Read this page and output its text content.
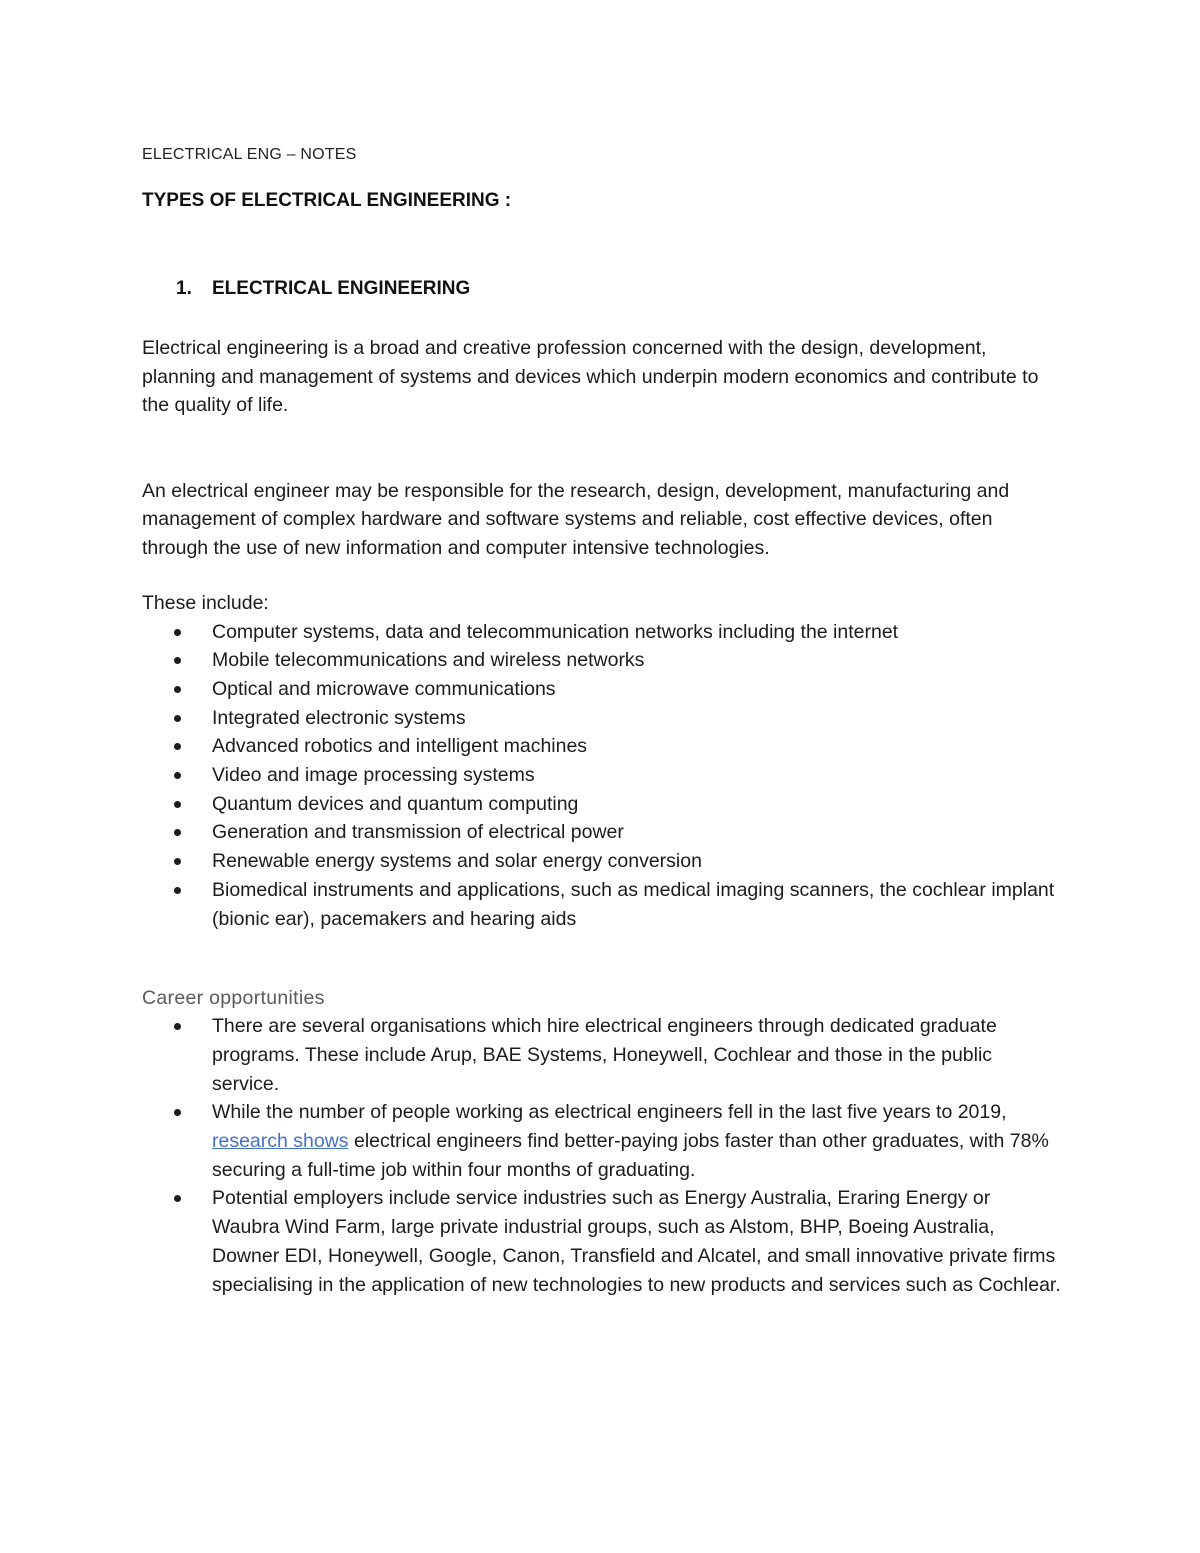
ELECTRICAL ENG – NOTES

TYPES OF ELECTRICAL ENGINEERING :

1.	ELECTRICAL ENGINEERING

Electrical engineering is a broad and creative profession concerned with the design, development, planning and management of systems and devices which underpin modern economics and contribute to the quality of life.

An electrical engineer may be responsible for the research, design, development, manufacturing and management of complex hardware and software systems and reliable, cost effective devices, often through the use of new information and computer intensive technologies.

These include:

Computer systems, data and telecommunication networks including the internet
Mobile telecommunications and wireless networks
Optical and microwave communications
Integrated electronic systems
Advanced robotics and intelligent machines
Video and image processing systems
Quantum devices and quantum computing
Generation and transmission of electrical power
Renewable energy systems and solar energy conversion
Biomedical instruments and applications, such as medical imaging scanners, the cochlear implant (bionic ear), pacemakers and hearing aids

Career opportunities

There are several organisations which hire electrical engineers through dedicated graduate programs. These include Arup, BAE Systems, Honeywell, Cochlear and those in the public service.
While the number of people working as electrical engineers fell in the last five years to 2019, research shows electrical engineers find better-paying jobs faster than other graduates, with 78% securing a full-time job within four months of graduating.
Potential employers include service industries such as Energy Australia, Eraring Energy or Waubra Wind Farm, large private industrial groups, such as Alstom, BHP, Boeing Australia, Downer EDI, Honeywell, Google, Canon, Transfield and Alcatel, and small innovative private firms specialising in the application of new technologies to new products and services such as Cochlear.
